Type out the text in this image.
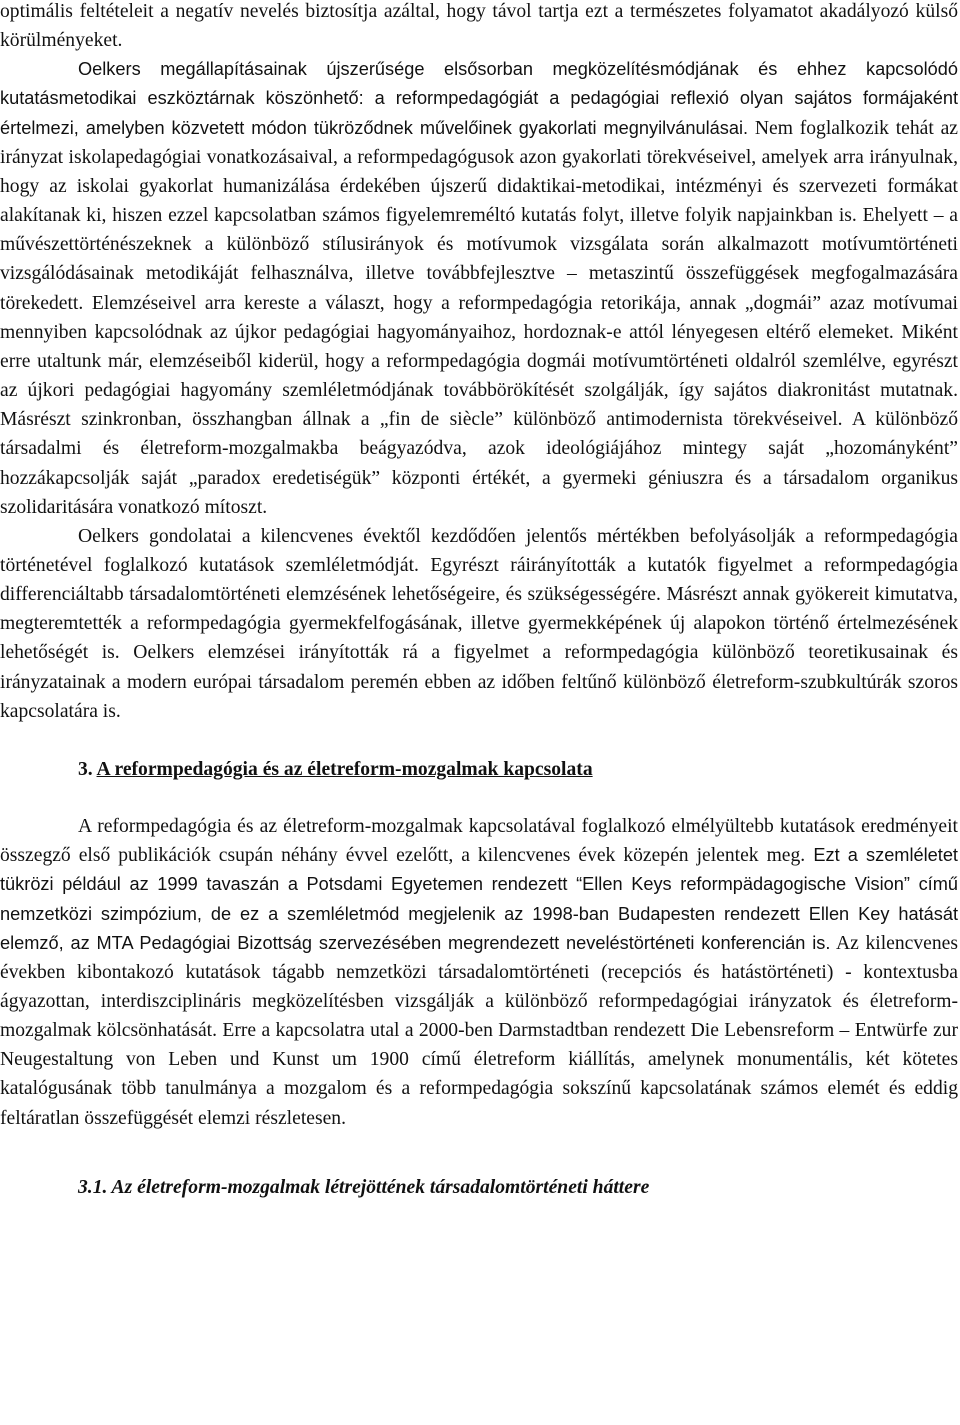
optimális feltételeit a negatív nevelés biztosítja azáltal, hogy távol tartja ezt a természetes folyamatot akadályozó külső körülményeket.

Oelkers megállapításainak újszerűsége elsősorban megközelítésmódjának és ehhez kapcsolódó kutatásmetodikai eszköztárnak köszönhető: a reformpedagógiát a pedagógiai reflexió olyan sajátos formájaként értelmezi, amelyben közvetett módon tükröződnek művelőinek gyakorlati megnyilvánulásai. Nem foglalkozik tehát az irányzat iskolapedagógiai vonatkozásaival, a reformpedagógusok azon gyakorlati törekvéseivel, amelyek arra irányulnak, hogy az iskolai gyakorlat humanizálása érdekében újszerű didaktikai-metodikai, intézményi és szervezeti formákat alakítanak ki, hiszen ezzel kapcsolatban számos figyelemreméltó kutatás folyt, illetve folyik napjainkban is. Ehelyett – a művészettörténészeknek a különböző stílusirányok és motívumok vizsgálata során alkalmazott motívumtörténeti vizsgálódásainak metodikáját felhasználva, illetve továbbfejlesztve – metaszintű összefüggések megfogalmazására törekedett. Elemzéseivel arra kereste a választ, hogy a reformpedagógia retorikája, annak „dogmái” azaz motívumai mennyiben kapcsolódnak az újkor pedagógiai hagyományaihoz, hordoznak-e attól lényegesen eltérő elemeket. Miként erre utaltunk már, elemzéseiből kiderül, hogy a reformpedagógia dogmái motívumtörténeti oldalról szemlélve, egyrészt az újkori pedagógiai hagyomány szemléletmódjának továbbörökítését szolgálják, így sajátos diakronitást mutatnak. Másrészt szinkronban, összhangban állnak a „fin de siècle” különböző antimodernista törekvéseivel. A különböző társadalmi és életreform-mozgalmakba beágyazódva, azok ideológiájához mintegy saját „hozományként” hozzákapcsolják saját „paradox eredetiségük” központi értékét, a gyermeki géniuszra és a társadalom organikus szolidaritására vonatkozó mítoszt.

Oelkers gondolatai a kilencvenes évektől kezdődően jelentős mértékben befolyásolják a reformpedagógia történetével foglalkozó kutatások szemléletmódját. Egyrészt ráirányították a kutatók figyelmet a reformpedagógia differenciáltabb társadalomtörténeti elemzésének lehetőségeire, és szükségességére. Másrészt annak gyökereit kimutatva, megteremtették a reformpedagógia gyermekfelfogásának, illetve gyermekképének új alapokon történő értelmezésének lehetőségét is. Oelkers elemzései irányították rá a figyelmet a reformpedagógia különböző teoretikusainak és irányzatainak a modern európai társadalom peremén ebben az időben feltűnő különböző életreform-szubkultúrák szoros kapcsolatára is.

3. A reformpedagógia és az életreform-mozgalmak kapcsolata

A reformpedagógia és az életreform-mozgalmak kapcsolatával foglalkozó elmélyültebb kutatások eredményeit összegző első publikációk csupán néhány évvel ezelőtt, a kilencvenes évek közepén jelentek meg. Ezt a szemléletet tükrözi például az 1999 tavaszán a Potsdami Egyetemen rendezett “Ellen Keys reformpädagogische Vision” című nemzetközi szimpózium, de ez a szemléletmód megjelenik az 1998-ban Budapesten rendezett Ellen Key hatását elemző, az MTA Pedagógiai Bizottság szervezésében megrendezett neveléstörténeti konferencián is. Az kilencvenes években kibontakozó kutatások tágabb nemzetközi társadalomtörténeti (recepciós és hatástörténeti) - kontextusba ágyazottan, interdiszciplináris megközelítésben vizsgálják a különböző reformpedagógiai irányzatok és életreform-mozgalmak kölcsönhatását. Erre a kapcsolatra utal a 2000-ben Darmstadtban rendezett Die Lebensreform – Entwürfe zur Neugestaltung von Leben und Kunst um 1900 című életreform kiállítás, amelynek monumentális, két kötetes katalógusának több tanulmánya a mozgalom és a reformpedagógia sokszínű kapcsolatának számos elemét és eddig feltáratlan összefüggését elemzi részletesen.

3.1. Az életreform-mozgalmak létrejöttének társadalomtörténeti háttere
